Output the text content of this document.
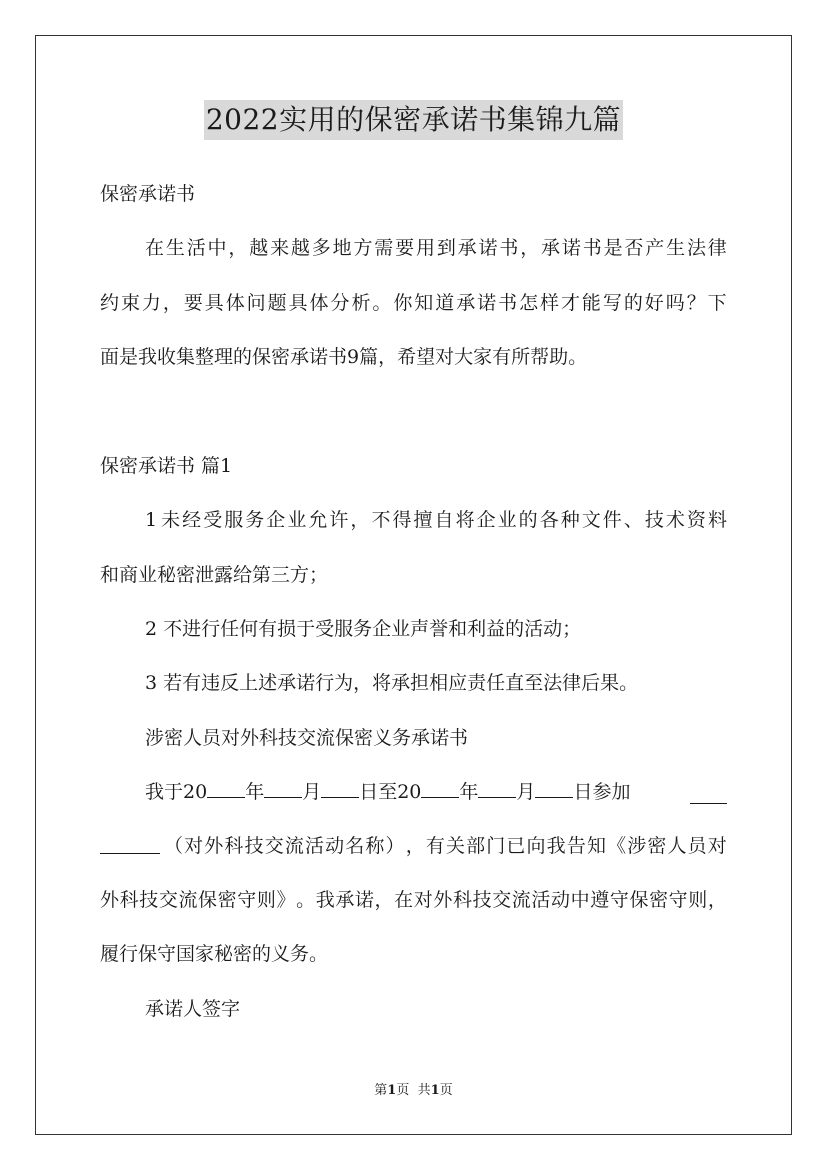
2022实用的保密承诺书集锦九篇
保密承诺书
在 生 活 中 ， 越 来 越 多 地 方 需 要 用 到 承 诺 书 ， 承 诺 书 是 否 产 生 法 律
约 束 力 ， 要 具 体 问 题 具 体 分 析 。 你 知 道 承 诺 书 怎 样 才 能 写 的 好 吗 ？ 下
面是我收集整理的保密承诺书9篇，希望对大家有所帮助。
保密承诺书 篇1
1 未 经 受 服 务 企 业 允 许 ， 不 得 擅 自 将 企 业 的 各 种 文 件 、 技 术 资 料
和商业秘密泄露给第三方；
2 不进行任何有损于受服务企业声誉和利益的活动；
3 若有违反上述承诺行为，将承担相应责任直至法律后果。
涉密人员对外科技交流保密义务承诺书
我于20 年 月 日至20 年 月 日参加
（ 对 外 科 技 交 流 活 动 名 称 ） ， 有 关 部 门 已 向 我 告 知 《 涉 密 人 员 对
外 科 技 交 流 保 密 守 则 》 。 我 承 诺 ， 在 对 外 科 技 交 流 活 动 中 遵 守 保 密 守 则 ，
履行保守国家秘密的义务。
承诺人签字
第1页 共1页
